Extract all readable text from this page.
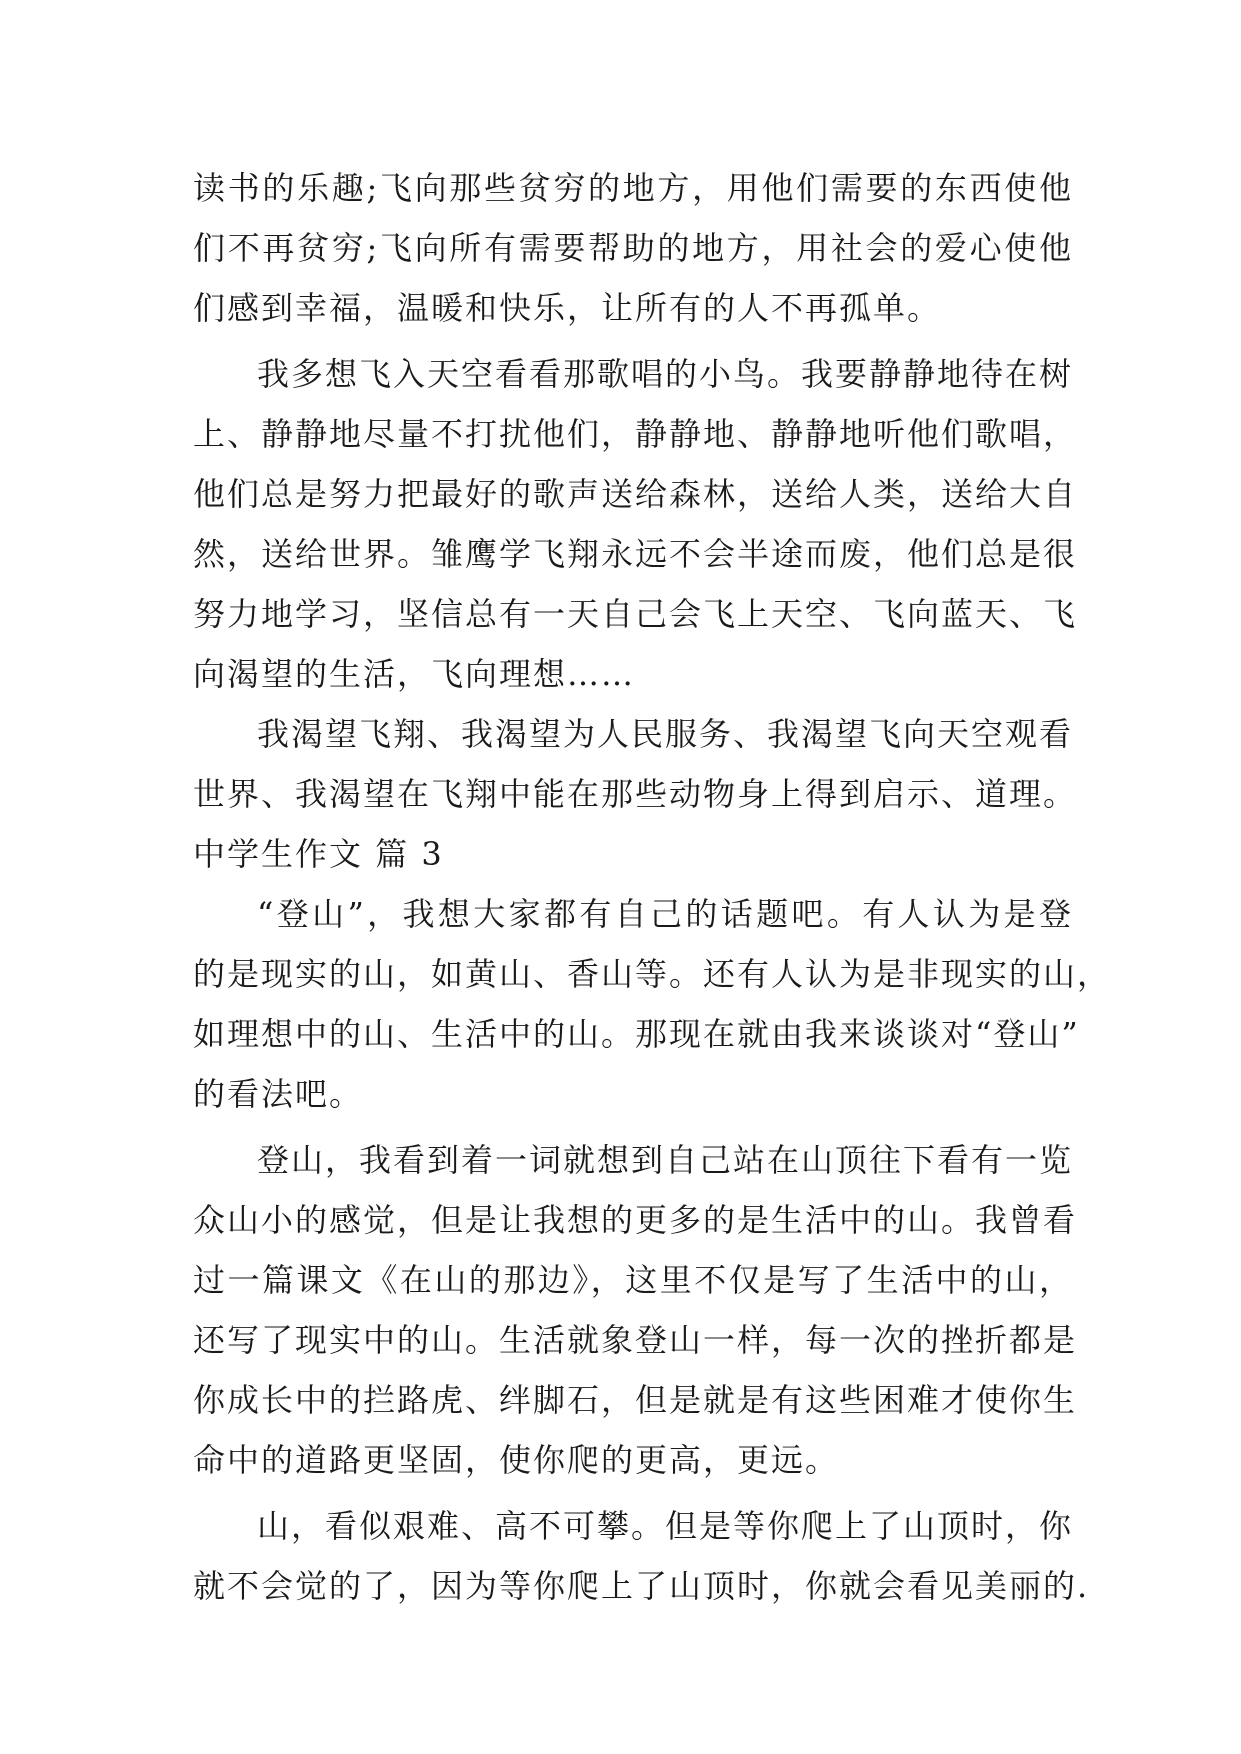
读书的乐趣;飞向那些贫穷的地方，用他们需要的东西使他
们不再贫穷;飞向所有需要帮助的地方，用社会的爱心使他
们感到幸福，温暖和快乐，让所有的人不再孤单。
我多想飞入天空看看那歌唱的小鸟。我要静静地待在树
上、静静地尽量不打扰他们，静静地、静静地听他们歌唱，
他们总是努力把最好的歌声送给森林，送给人类，送给大自
然，送给世界。雏鹰学飞翔永远不会半途而废，他们总是很
努力地学习，坚信总有一天自己会飞上天空、飞向蓝天、飞
向渴望的生活，飞向理想……
我渴望飞翔、我渴望为人民服务、我渴望飞向天空观看
世界、我渴望在飞翔中能在那些动物身上得到启示、道理。
中学生作文 篇 3
“登山”，我想大家都有自己的话题吧。有人认为是登
的是现实的山，如黄山、香山等。还有人认为是非现实的山，
如理想中的山、生活中的山。那现在就由我来谈谈对“登山”
的看法吧。
登山，我看到着一词就想到自己站在山顶往下看有一览
众山小的感觉，但是让我想的更多的是生活中的山。我曾看
过一篇课文《在山的那边》，这里不仅是写了生活中的山，
还写了现实中的山。生活就象登山一样，每一次的挫折都是
你成长中的拦路虎、绊脚石，但是就是有这些困难才使你生
命中的道路更坚固，使你爬的更高，更远。
山，看似艰难、高不可攀。但是等你爬上了山顶时，你
就不会觉的了，因为等你爬上了山顶时，你就会看见美丽的.
